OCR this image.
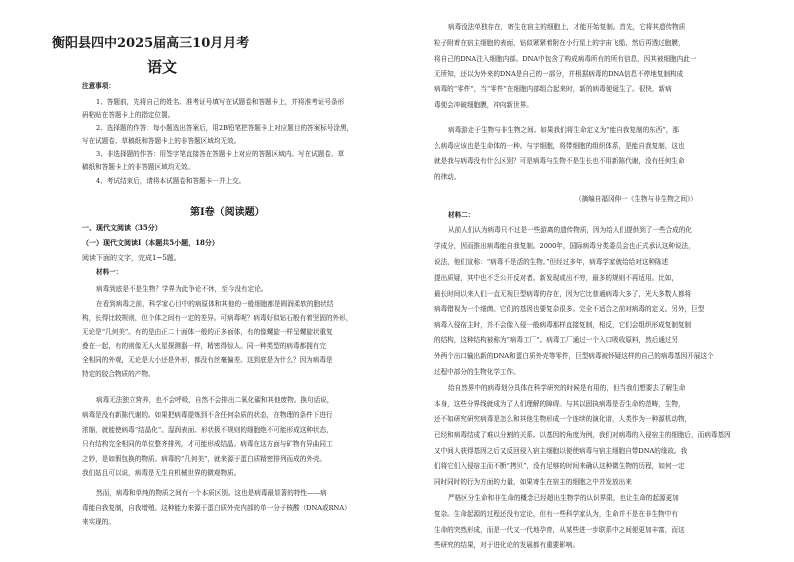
衡阳县四中2025届高三10月月考
语文
注意事项：
1、答题前，先将自己的姓名、准考证号填写在试题卷和答题卡上，并将准考证号条形
码粘贴在答题卡上的指定位置。
2、选择题的作答：每小题选出答案后，用2B铅笔把答题卡上对应题目的答案标号涂黑，
写在试题卷、草稿纸和答题卡上的非答题区域均无效。
3、非选择题的作答：用签字笔直接答在答题卡上对应的答题区域内。写在试题卷、草
稿纸和答题卡上的非答题区域均无效。
4、考试结束后，请将本试题卷和答题卡一并上交。
第Ⅰ卷（阅读题）
一、现代文阅读（35分）
（一）现代文阅读Ⅰ（本题共5小题，18分）
阅读下面的文字，完成1~5题。
材料一：
病毒到底是不是生物？学界为此争论不休，至今没有定论。
在看到病毒之前，科学家心目中的病原体和其他的一般细胞都是圆润柔软的胞状结
构，长得比较规则，但个体之间有一定的差异。可病毒呢？病毒好似钻石般有着坚固的外形，
无论是“几何美”。有的是由正二十面体一般的正多面体，有的像螺旋一样呈螺旋状重复
叠在一起，有的则像无人火星探测器一样，精密得惊人。同一种类型的病毒都拥有完
全相同的外观，无论是大小还是外形，都没有丝毫偏差。这到底是为什么？因为病毒是
特定的胶合物质的产物。
病毒无法独立营养，也不会呼吸，自然不会排出二氧化碳和其他废物。换句话说，
病毒是没有新陈代谢的。如果把病毒提炼到不含任何杂质的状态，在物理的条件下进行
浓缩，就能使病毒“结晶化”。湿润表面、形状极不规则的细胞绝不可能形成这种状态，
只有结构完全相同的单位整齐排列，才可能形成结晶。病毒在这方面与矿物有异曲同工
之妙，是如假包换的物质。病毒的“几何美”，就来源于蛋白质精密排列而成的外壳。
我们姑且可以说，病毒是无生自机械世界的微观物质。
然而，病毒和单纯的物质之间有一个本质区别。这也是病毒最显著的特性——病
毒能自我复制，自我增殖。这种能力来源于蛋白质外壳内部的单一分子核酸（DNA或RNA）
来实现的。
病毒没法单独存在，寄生在宿主的细胞上，才能开始复制。首先，它将其遗传物质
粒子附着在宿主细胞的表面，钻似紧紧着附在小行星上的宇宙飞船，然后再透过胞膜，
将自己的DNA注入细胞内部。DNA中包含了构成病毒所有的所有信息，因其被细胞内此一
无所知，还以为外来的DNA是自己的一部分，并根据病毒的DNA信息不停地复制构成
病毒的“零件”，当“零件”在细胞内部组合起来时，新的病毒便诞生了。很快，新病
毒便会冲破细胞膜，冲向新世界。
病毒游走于生物与非生物之间。如果我们将生命定义为“能自我复制的东西”，那
么病毒应该也是生命体的一种。与宇细胞，将带细胞的组织体系，是能自我复制，这也
就是我与病毒没有什么区别？可是病毒与生物不是生长也不用新陈代谢，没有任何生命
的律动。
（摘编自福冈伸一《生物与非生物之间》）
材料二：
从前人们认为病毒只不过是一些游离的遗传物质，因为给人们提供到了一些合成的化
学成分，因而推出病毒能自我复制。2000年，国际病毒分类委员会也正式承认这种说法，
说法，他们宣称：“病毒不是活的生物。”但经过多年，病毒学家就给给对这种陈述
提出质疑，其中也不乏公开反对者。新发现或出不穷，最多的规则不再适用。比如，
最长时间以来人们一直无视巨型病毒的存在，因为它比普通病毒大多了，光大多数人都将
病毒错视为一个细菌。它们的基因也要复杂很多。完全不适合之前对病毒的定义。另外，巨型
病毒入侵宿主时，并不会像入侵一般病毒那样直接复制，相反，它们会组织形成复制复制
的结构，这种结构被称为“病毒工厂”。病毒工厂通过一个入口吸收原料，然后通过另
外两个出口输出新的DNA和蛋白质外壳等零件，巨型病毒被怀疑这样的自己的病毒基因开展这个
过程中部分的生物化学工作。
给自然界中的病毒划分具体在科学研究的时候是有用的，但当我们想要去了解生命
本身，这些分界线就成为了人们理解的障碍。与其以固执病毒是否生命的范畴，生物，
还不如研究研究病毒是怎么和其他生物形成一个连续的演化谱，人类作为一种源机动物，
已经和病毒结成了难以分割的关系。以基因的角度为例，我们对病毒的入侵宿主的细胞后，而病毒基因
又中间人获得基因之后又反回侵入宿主细胞以便使病毒与宿主细胞自带DNA的缘故。我
们将它们入侵宿主而不断“拷贝”，没有足够的时间来确认这种微生物的历程，如何一定
同时同时的行为方面的力量，如果寄生在宿主的细胞之中并发放出来
严格区分生命和非生命的概念已经超出生物学的认识界限，也让生命的起源更加
复杂。生命起源的过程还没有定论，但有一些科学家认为，生命并不是在非生物中有
生命的突然形成，而是一代又一代地孕育，从某些进一步联系中之间便更加丰富，而这
些研究的结果，对于进化论的发展都有重要影响。
